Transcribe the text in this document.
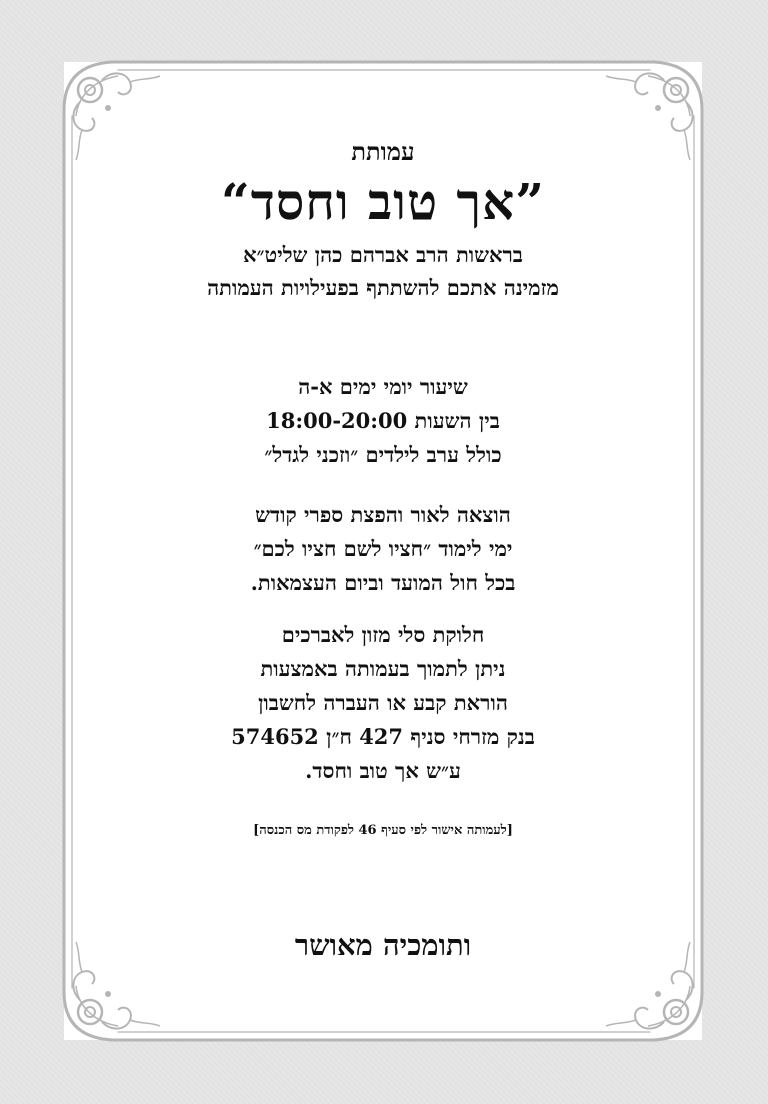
עמותת
”אך טוב וחסד“
בראשות הרב אברהם כהן שליט״א
מזמינה אתכם להשתתף בפעילויות העמותה
שיעור יומי ימים א-ה
בין השעות 18:00-20:00
כולל ערב לילדים ״וזכני לגדל״
הוצאה לאור והפצת ספרי קודש
ימי לימוד ״חציו לשם חציו לכם״
בכל חול המועד וביום העצמאות.
חלוקת סלי מזון לאברכים
ניתן לתמוך בעמותה באמצעות
הוראת קבע או העברה לחשבון
בנק מזרחי סניף 427 ח״ן 574652
ע״ש אך טוב וחסד.
[לעמותה אישור לפי סעיף 46 לפקודת מס הכנסה]
ותומכיה מאושר
